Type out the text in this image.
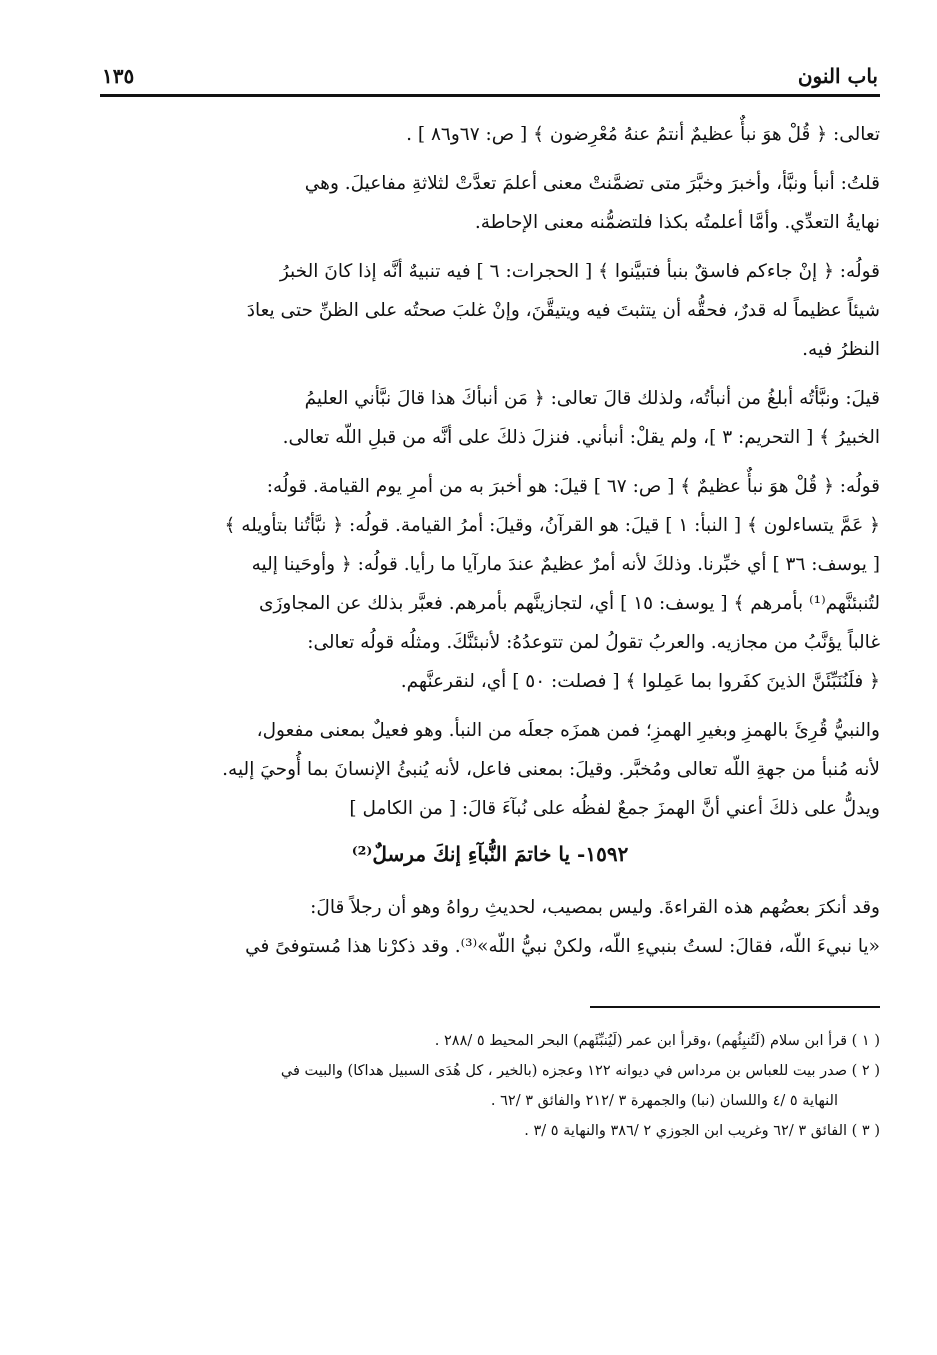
باب النون
١٣٥
تعالى: ﴿ قُلْ هوَ نبأٌ عظيمٌ أنتمُ عنهُ مُعْرِضون ﴾ [ ص: ٦٧و٨٦ ] .
قلتُ: أنبأ ونبَّأ، وأخبرَ وخبَّرَ متى تضمَّنتْ معنى أعلمَ تعدَّتْ لثلاثةِ مفاعيلَ. وهي
نهايةُ التعدِّي. وأمَّا أعلمتُه بكذا فلتضمُّنه معنى الإحاطة.
قولُه: ﴿ إنْ جاءكم فاسقٌ بنبأ فتبيَّنوا ﴾ [ الحجرات: ٦ ] فيه تنبيهٌ أنَّه إذا كانَ الخبرُ
شيئاً عظيماً له قدرٌ، فحقُّه أن يتثبتَ فيه ويتيقَّنَ، وإنْ غلبَ صحتُه على الظنِّ حتى يعادَ
النظرُ فيه.
قيلَ: ونبَّأتُه أبلغُ من أنبأتُه، ولذلك قالَ تعالى: ﴿ مَن أنبأكَ هذا قالَ نبَّأني العليمُ
الخبيرُ ﴾ [ التحريم: ٣ ]، ولم يقلْ: أنبأني. فنزلَ ذلكَ على أنَّه من قبلِ اللّه تعالى.
قولُه: ﴿ قُلْ هوَ نبأٌ عظيمٌ ﴾ [ ص: ٦٧ ] قيلَ: هو أخبرَ به من أمرِ يوم القيامة. قولُه:
﴿ عَمَّ يتساءلون ﴾ [ النبأ: ١ ] قيلَ: هو القرآنُ، وقيلَ: أمرُ القيامة. قولُه: ﴿ نبَّأتُنا بتأويله ﴾
[ يوسف: ٣٦ ] أي خبِّرنا. وذلكَ لأنه أمرٌ عظيمٌ عندَ مارآيا ما رأيا. قولُه: ﴿ وأوحَينا إليه
لتُنبئنَّهم⁽¹⁾ بأمرهم ﴾ [ يوسف: ١٥ ] أي، لتجازينَّهم بأمرهم. فعبَّر بذلك عن المجاوزَى
غالباً يؤنَّبُ من مجازيه. والعربُ تقولُ لمن تتوعدُهُ: لأنبئنَّكَ. ومثلُه قولُه تعالى:
﴿ فلَنُنَبِّئَنَّ الذينَ كفَروا بما عَمِلوا ﴾ [ فصلت: ٥٠ ] أي، لنقرعنَّهم.
والنبيُّ قُرِئَ بالهمزِ وبغيرِ الهمزِ؛ فمن همزَه جعلَه من النبأ. وهو فعيلٌ بمعنى مفعول،
لأنه مُنبأ من جهةِ اللّه تعالى ومُخبَّر. وقيلَ: بمعنى فاعل، لأنه يُنبئُ الإنسانَ بما أُوحيَ إليه.
ويدلُّ على ذلكَ أعني أنَّ الهمزَ جمعٌ لفظُه على نُبآءَ قالَ: [ من الكامل ]
١٥٩٢- يا خاتمَ النُّبآءِ إنكَ مرسلٌ⁽²⁾
وقد أنكرَ بعضُهم هذه القراءةَ. وليس بمصيب، لحديثِ رواهُ وهو أن رجلاً قالَ:
«يا نبيءَ اللّه، فقالَ: لستُ بنبيءِ اللّه، ولكنْ نبيُّ اللّه»⁽³⁾. وقد ذكرْنا هذا مُستوفىً في
( ١ ) قرأ ابن سلام (لَتُنبِئُهم) ،وقرأ ابن عمر (لَيُنبِّئَهم) البحر المحيط ٥ /٢٨٨ .
( ٢ ) صدر بيت للعباس بن مرداس في ديوانه ١٢٢ وعجزه (بالخير ، كل هُدَى السبيل هداكا) والبيت في
النهاية ٥ /٤ واللسان (نبا) والجمهرة ٣ /٢١٢ والفائق ٣ /٦٢ .
( ٣ ) الفائق ٣ /٦٢ وغريب ابن الجوزي ٢ /٣٨٦ والنهاية ٥ /٣ .
